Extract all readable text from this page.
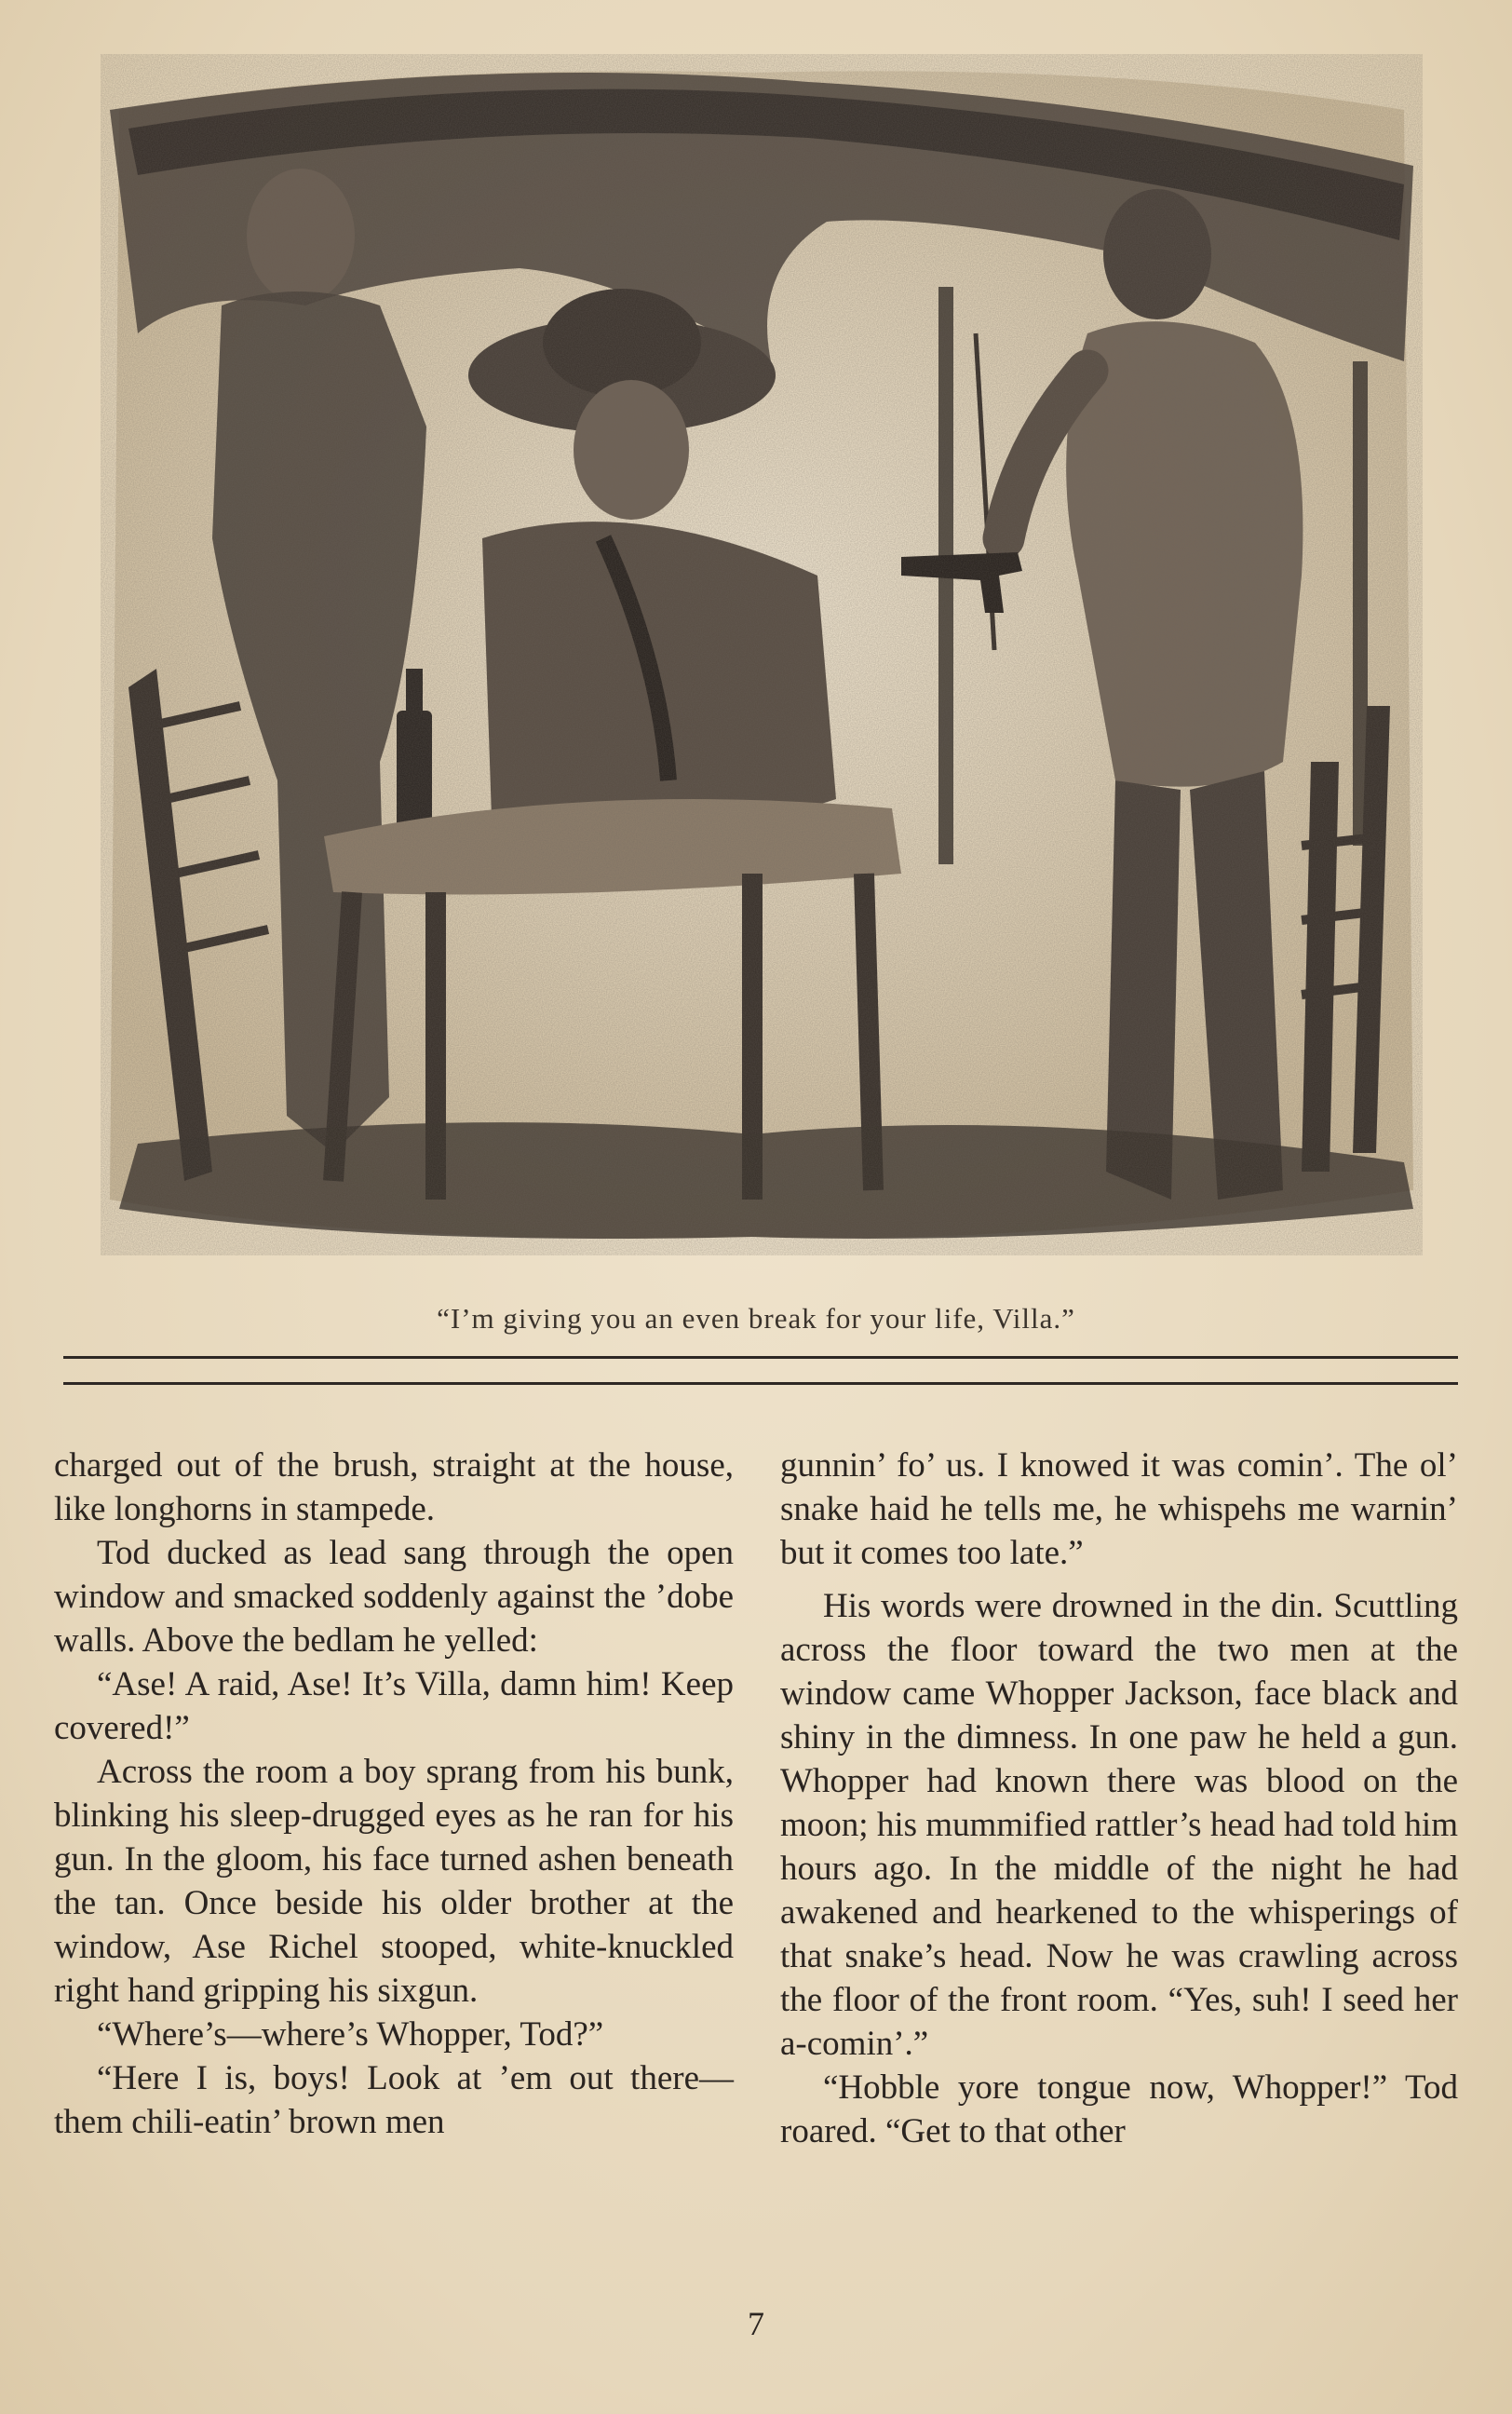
“I’m giving you an even break for your life, Villa.”

charged out of the brush, straight at the house, like longhorns in stampede.

Tod ducked as lead sang through the open window and smacked soddenly against the ’dobe walls. Above the bedlam he yelled:

“Ase! A raid, Ase! It’s Villa, damn him! Keep covered!”

Across the room a boy sprang from his bunk, blinking his sleep-drugged eyes as he ran for his gun. In the gloom, his face turned ashen beneath the tan. Once beside his older brother at the window, Ase Richel stooped, white-knuckled right hand gripping his sixgun.

“Where’s—where’s Whopper, Tod?”

“Here I is, boys! Look at ’em out there—them chili-eatin’ brown men

gunnin’ fo’ us. I knowed it was comin’. The ol’ snake haid he tells me, he whispehs me warnin’ but it comes too late.”

His words were drowned in the din. Scuttling across the floor toward the two men at the window came Whopper Jackson, face black and shiny in the dimness. In one paw he held a gun. Whopper had known there was blood on the moon; his mummified rattler’s head had told him hours ago. In the middle of the night he had awakened and hearkened to the whisperings of that snake’s head. Now he was crawling across the floor of the front room. “Yes, suh! I seed her a-comin’.”

“Hobble yore tongue now, Whopper!” Tod roared. “Get to that other

7
